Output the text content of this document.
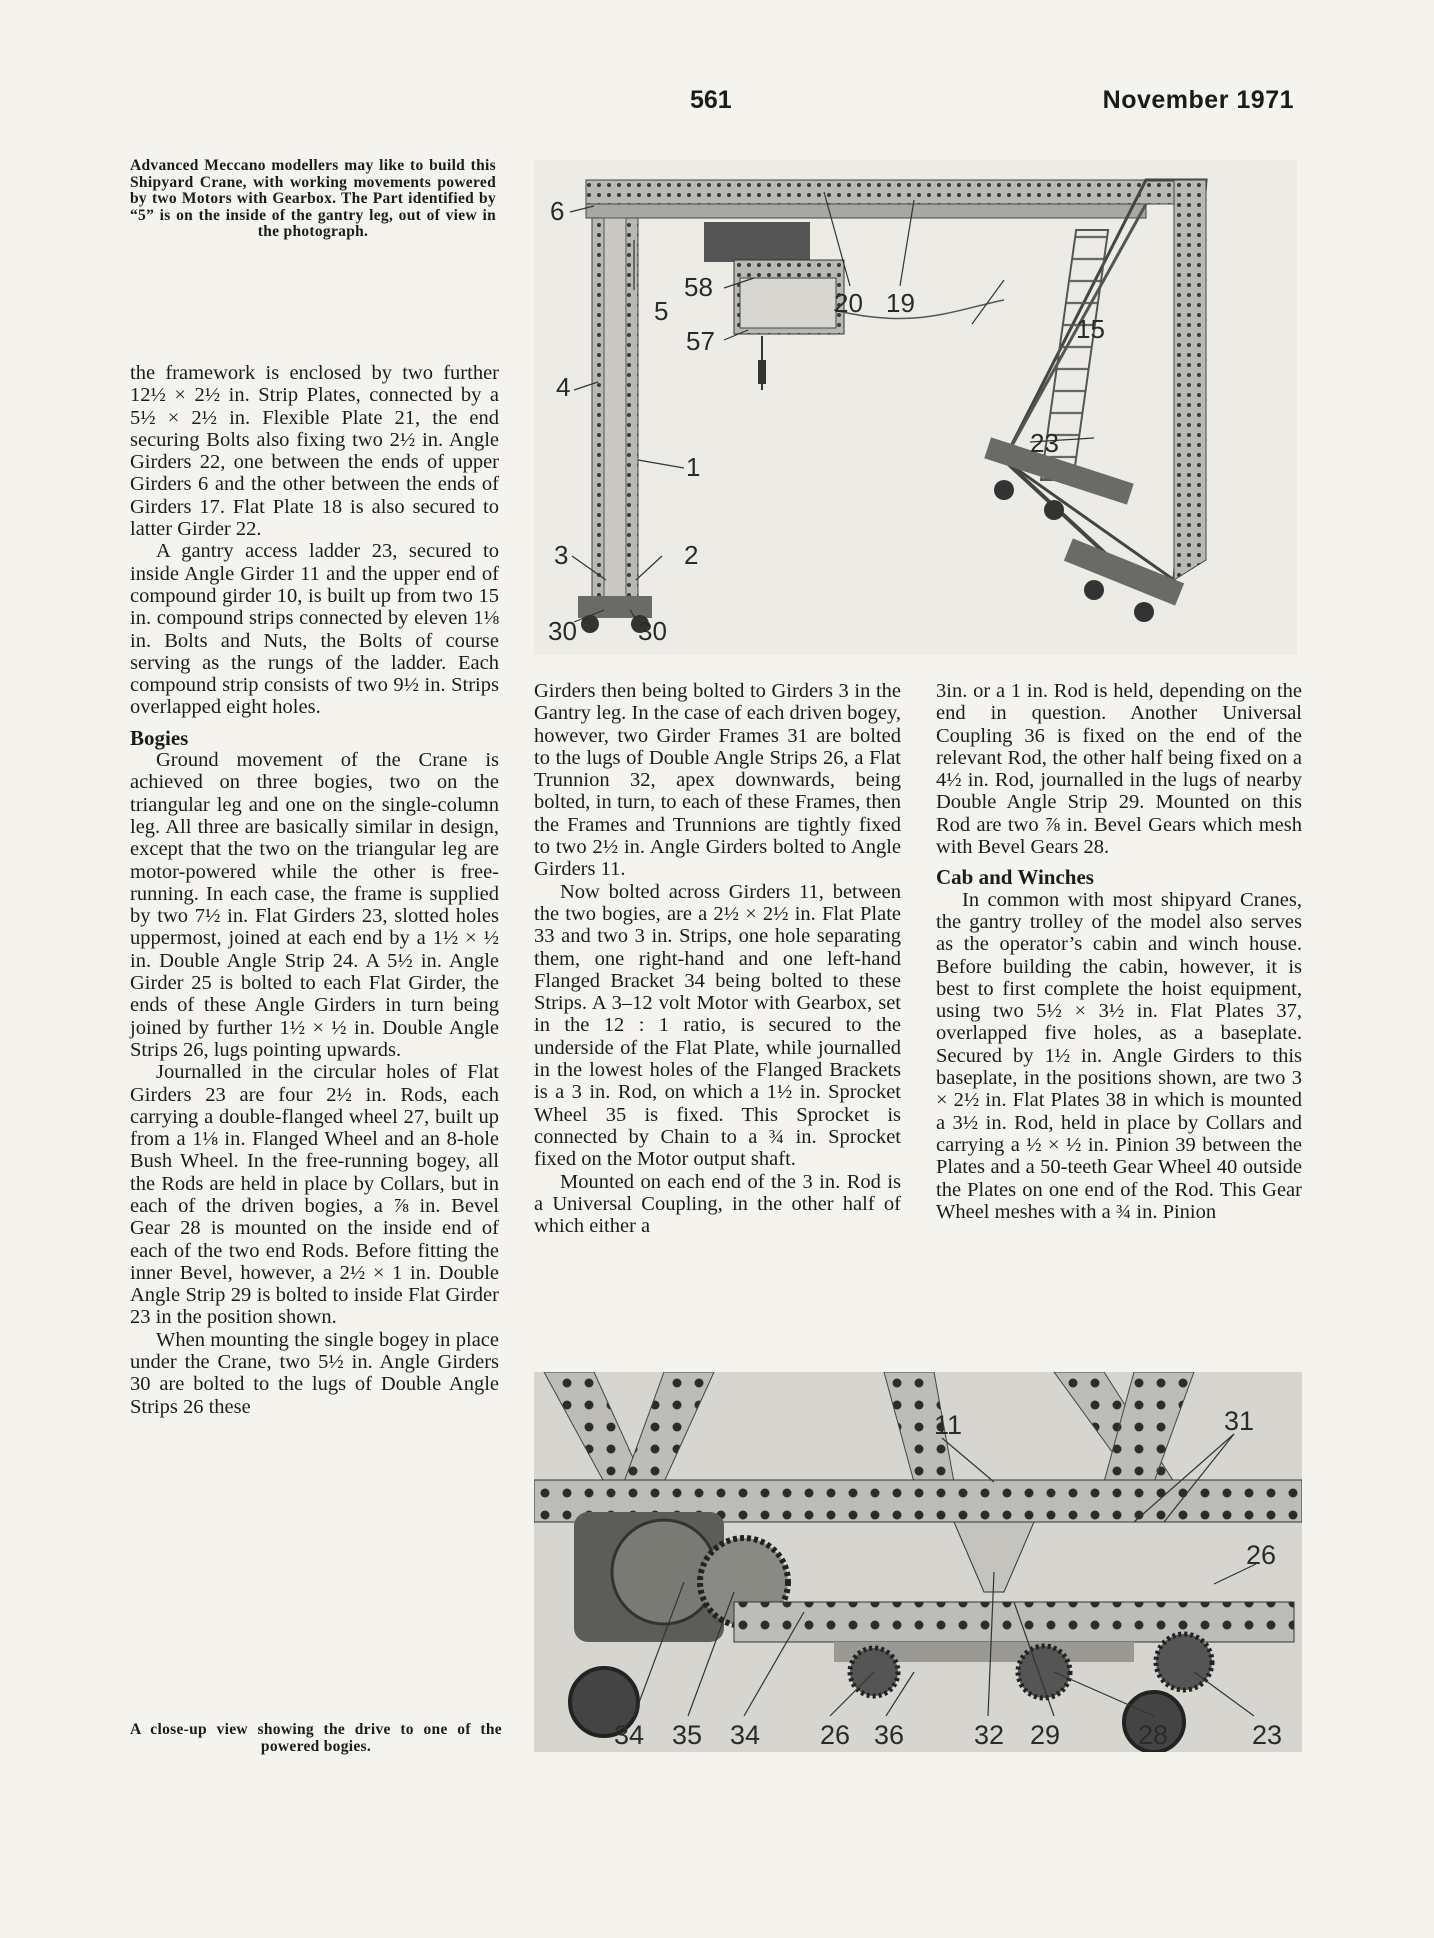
561	November 1971
Advanced Meccano modellers may like to build this Shipyard Crane, with working movements powered by two Motors with Gearbox. The Part identified by “5” is on the inside of the gantry leg, out of view in the photograph.
6
5
58
57
20 19
15
4
1
23
3	2
30 30

the framework is enclosed by two further 12½ × 2½ in. Strip Plates, connected by a 5½ × 2½ in. Flexible Plate 21, the end securing Bolts also fixing two 2½ in. Angle Girders 22, one between the ends of upper Girders 6 and the other between the ends of Girders 17. Flat Plate 18 is also secured to latter Girder 22.

A gantry access ladder 23, secured to inside Angle Girder 11 and the upper end of compound girder 10, is built up from two 15 in. compound strips connected by eleven 1⅛ in. Bolts and Nuts, the Bolts of course serving as the rungs of the ladder. Each compound strip consists of two 9½ in. Strips overlapped eight holes.

Bogies

Ground movement of the Crane is achieved on three bogies, two on the triangular leg and one on the single-column leg. All three are basically similar in design, except that the two on the triangular leg are motor-powered while the other is free-running. In each case, the frame is supplied by two 7½ in. Flat Girders 23, slotted holes uppermost, joined at each end by a 1½ × ½ in. Double Angle Strip 24. A 5½ in. Angle Girder 25 is bolted to each Flat Girder, the ends of these Angle Girders in turn being joined by further 1½ × ½ in. Double Angle Strips 26, lugs pointing upwards.

Journalled in the circular holes of Flat Girders 23 are four 2½ in. Rods, each carrying a double-flanged wheel 27, built up from a 1⅛ in. Flanged Wheel and an 8-hole Bush Wheel. In the free-running bogey, all the Rods are held in place by Collars, but in each of the driven bogies, a ⅞ in. Bevel Gear 28 is mounted on the inside end of each of the two end Rods. Before fitting the inner Bevel, however, a 2½ × 1 in. Double Angle Strip 29 is bolted to inside Flat Girder 23 in the position shown.

When mounting the single bogey in place under the Crane, two 5½ in. Angle Girders 30 are bolted to the lugs of Double Angle Strips 26 these

Girders then being bolted to Girders 3 in the Gantry leg. In the case of each driven bogey, however, two Girder Frames 31 are bolted to the lugs of Double Angle Strips 26, a Flat Trunnion 32, apex downwards, being bolted, in turn, to each of these Frames, then the Frames and Trunnions are tightly fixed to two 2½ in. Angle Girders bolted to Angle Girders 11.

Now bolted across Girders 11, between the two bogies, are a 2½ × 2½ in. Flat Plate 33 and two 3 in. Strips, one hole separating them, one right-hand and one left-hand Flanged Bracket 34 being bolted to these Strips. A 3–12 volt Motor with Gearbox, set in the 12 : 1 ratio, is secured to the underside of the Flat Plate, while journalled in the lowest holes of the Flanged Brackets is a 3 in. Rod, on which a 1½ in. Sprocket Wheel 35 is fixed. This Sprocket is connected by Chain to a ¾ in. Sprocket fixed on the Motor output shaft.

Mounted on each end of the 3 in. Rod is a Universal Coupling, in the other half of which either a

3in. or a 1 in. Rod is held, depending on the end in question. Another Universal Coupling 36 is fixed on the end of the relevant Rod, the other half being fixed on a 4½ in. Rod, journalled in the lugs of nearby Double Angle Strip 29. Mounted on this Rod are two ⅞ in. Bevel Gears which mesh with Bevel Gears 28.

Cab and Winches

In common with most shipyard Cranes, the gantry trolley of the model also serves as the operator’s cabin and winch house. Before building the cabin, however, it is best to first complete the hoist equipment, using two 5½ × 3½ in. Flat Plates 37, overlapped five holes, as a baseplate. Secured by 1½ in. Angle Girders to this baseplate, in the positions shown, are two 3 × 2½ in. Flat Plates 38 in which is mounted a 3½ in. Rod, held in place by Collars and carrying a ½ × ½ in. Pinion 39 between the Plates and a 50-teeth Gear Wheel 40 outside the Plates on one end of the Rod. This Gear Wheel meshes with a ¾ in. Pinion

11	31
26
34 35 34 26 36	32 29	28	23
A close-up view showing the drive to one of the powered bogies.
